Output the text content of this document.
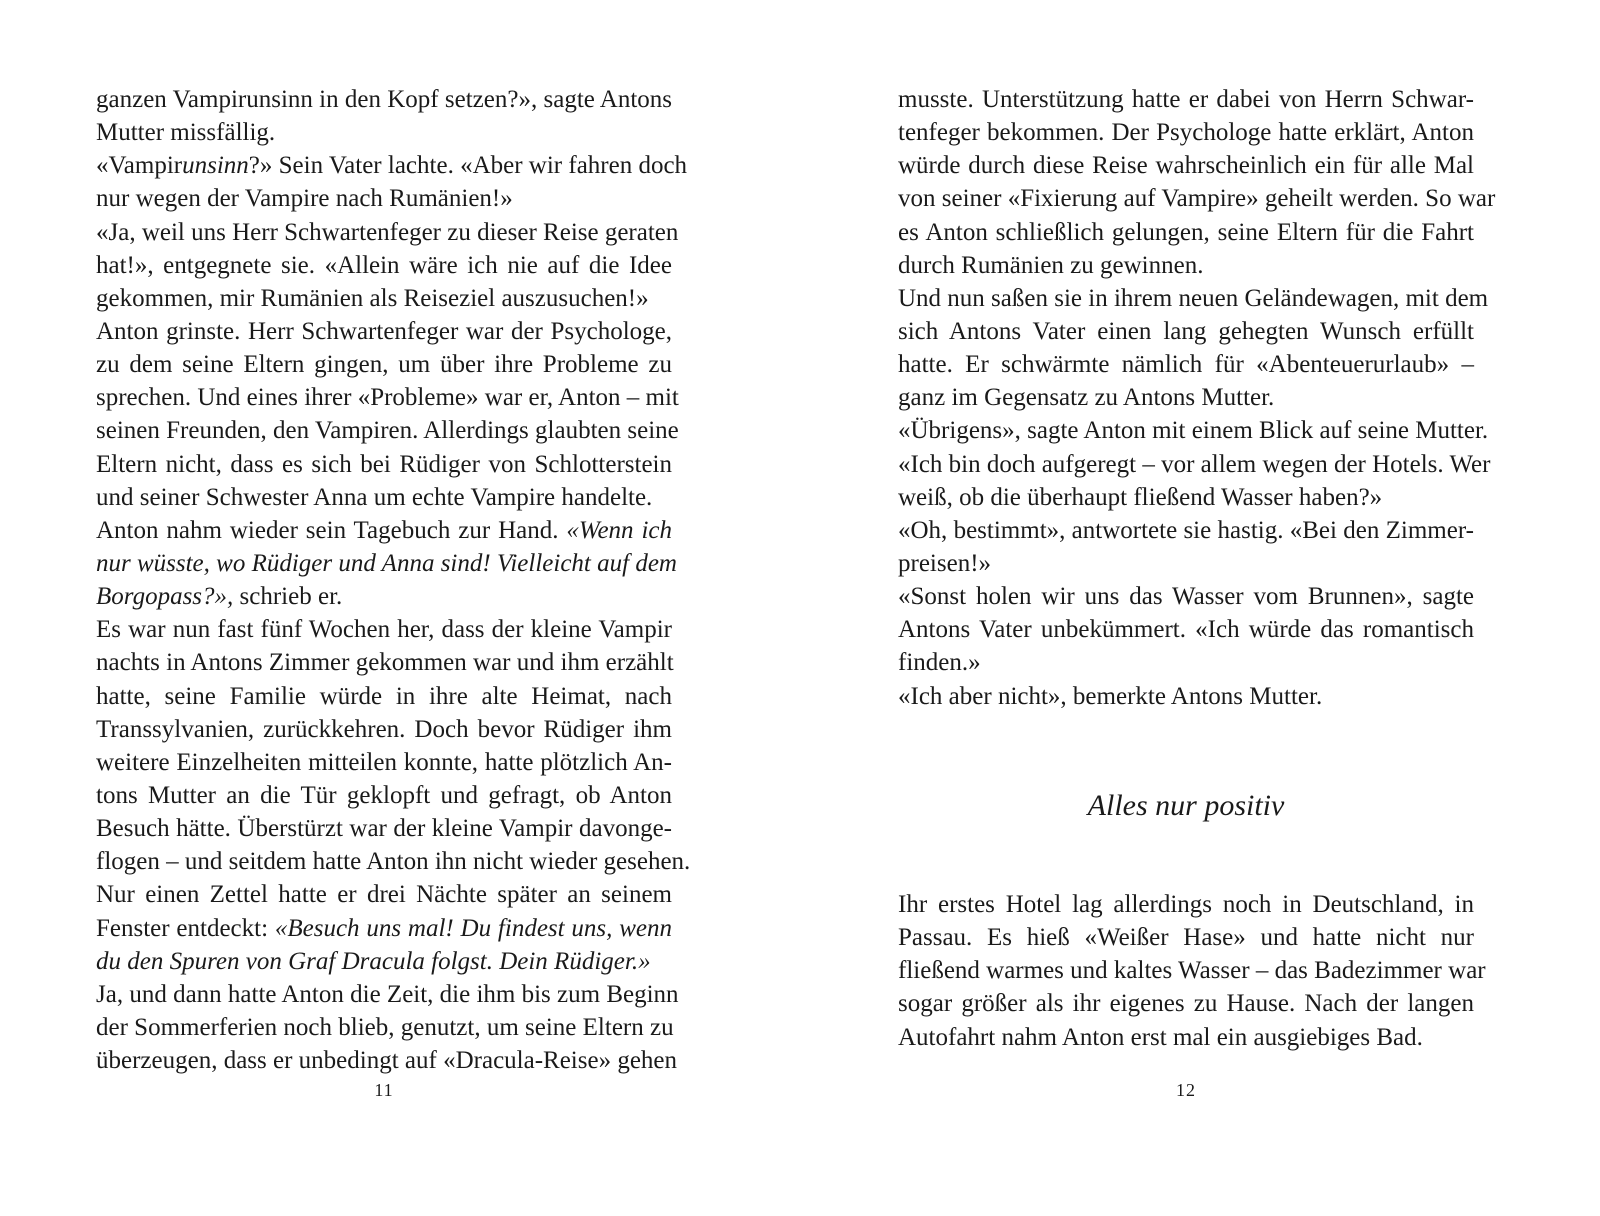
ganzen Vampirunsinn in den Kopf setzen?», sagte Antons
Mutter missfällig.
«Vampirunsinn?» Sein Vater lachte. «Aber wir fahren doch
nur wegen der Vampire nach Rumänien!»
«Ja, weil uns Herr Schwartenfeger zu dieser Reise geraten
hat!», entgegnete sie. «Allein wäre ich nie auf die Idee
gekommen, mir Rumänien als Reiseziel auszusuchen!»
Anton grinste. Herr Schwartenfeger war der Psychologe,
zu dem seine Eltern gingen, um über ihre Probleme zu
sprechen. Und eines ihrer «Probleme» war er, Anton – mit
seinen Freunden, den Vampiren. Allerdings glaubten seine
Eltern nicht, dass es sich bei Rüdiger von Schlotterstein
und seiner Schwester Anna um echte Vampire handelte.
Anton nahm wieder sein Tagebuch zur Hand. «Wenn ich
nur wüsste, wo Rüdiger und Anna sind! Vielleicht auf dem
Borgopass?», schrieb er.
Es war nun fast fünf Wochen her, dass der kleine Vampir
nachts in Antons Zimmer gekommen war und ihm erzählt
hatte, seine Familie würde in ihre alte Heimat, nach
Transsylvanien, zurückkehren. Doch bevor Rüdiger ihm
weitere Einzelheiten mitteilen konnte, hatte plötzlich An-
tons Mutter an die Tür geklopft und gefragt, ob Anton
Besuch hätte. Überstürzt war der kleine Vampir davonge-
flogen – und seitdem hatte Anton ihn nicht wieder gesehen.
Nur einen Zettel hatte er drei Nächte später an seinem
Fenster entdeckt: «Besuch uns mal! Du findest uns, wenn
du den Spuren von Graf Dracula folgst. Dein Rüdiger.»
Ja, und dann hatte Anton die Zeit, die ihm bis zum Beginn
der Sommerferien noch blieb, genutzt, um seine Eltern zu
überzeugen, dass er unbedingt auf «Dracula-Reise» gehen
11
musste. Unterstützung hatte er dabei von Herrn Schwar-
tenfeger bekommen. Der Psychologe hatte erklärt, Anton
würde durch diese Reise wahrscheinlich ein für alle Mal
von seiner «Fixierung auf Vampire» geheilt werden. So war
es Anton schließlich gelungen, seine Eltern für die Fahrt
durch Rumänien zu gewinnen.
Und nun saßen sie in ihrem neuen Geländewagen, mit dem
sich Antons Vater einen lang gehegten Wunsch erfüllt
hatte. Er schwärmte nämlich für «Abenteuerurlaub» –
ganz im Gegensatz zu Antons Mutter.
«Übrigens», sagte Anton mit einem Blick auf seine Mutter.
«Ich bin doch aufgeregt – vor allem wegen der Hotels. Wer
weiß, ob die überhaupt fließend Wasser haben?»
«Oh, bestimmt», antwortete sie hastig. «Bei den Zimmer-
preisen!»
«Sonst holen wir uns das Wasser vom Brunnen», sagte
Antons Vater unbekümmert. «Ich würde das romantisch
finden.»
«Ich aber nicht», bemerkte Antons Mutter.
Alles nur positiv
Ihr erstes Hotel lag allerdings noch in Deutschland, in
Passau. Es hieß «Weißer Hase» und hatte nicht nur
fließend warmes und kaltes Wasser – das Badezimmer war
sogar größer als ihr eigenes zu Hause. Nach der langen
Autofahrt nahm Anton erst mal ein ausgiebiges Bad.
12
